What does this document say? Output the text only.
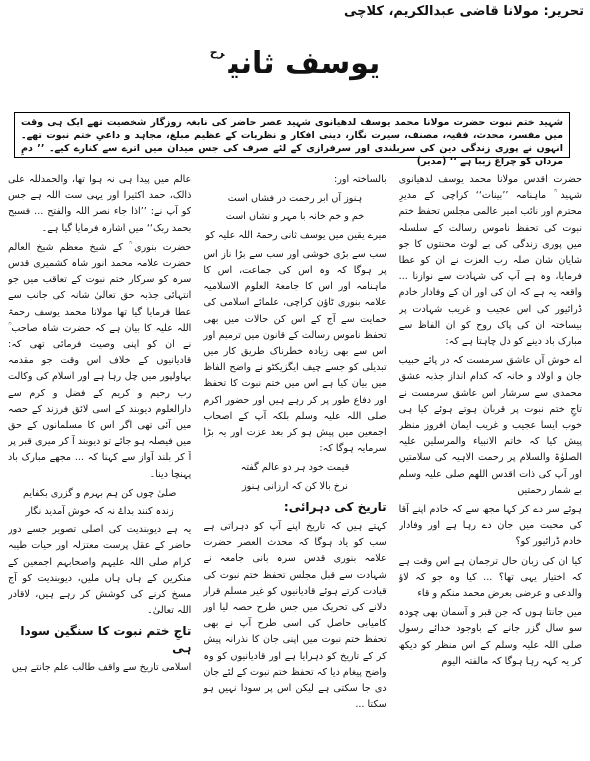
تحریر: مولانا قاضی عبدالکریم، کلاچی
یوسف ثانی$^{رح}$
شہید ختم نبوت حضرت مولانا محمد یوسف لدھیانوی شہید عصر حاضر کی نابغہ روزگار شخصیت تھے ایک ہی وقت میں مفسر، محدث، فقیہ، مصنف، سیرت نگار، دینی افکار و نظریات کے عظیم مبلغ، مجاہد و داعیِ ختم نبوت تھے۔ انہوں نے پوری زندگی دین کی سربلندی اور سرفرازی کے لئے صرف کی جس میدان میں اترے سے کنارے کیے۔ ’’ دمِ مرداں کو چراغ زیبا ہے ‘‘ (مدیر)

حضرت اقدس مولانا محمد یوسف لدھیانوی شہید ؒ ماہنامہ ’’بینات‘‘ کراچی کے مدیرِ محترم اور نائب امیر عالمی مجلس تحفظ ختم نبوت کی تحفظ ناموس رسالت کے سلسلہ میں پوری زندگی کی بے لوث محنتوں کا جو شایان شان صلہ رب العزت نے ان کو عطا فرمایا، وہ ہے آپ کی شہادت سے نوازنا ... واقعہ یہ ہے کہ ان کی اور ان کے وفادار خادم ڈرائیور کی اس عجیب و غریب شہادت پر بیساختہ ان کی پاک روح کو ان الفاظ سے مبارک باد دینے کو دل چاہتا ہے کہ:

اے خوش آں عاشق سرمست کہ در پائے حبیب جان و اولاد و خانہ کہ کدام انداز جذبہ عشق محمدی سے سرشار اس عاشق سرمست نے تاجِ ختم نبوت پر قربان ہوتے ہوئے کیا ہی خوب ایسا عجیب و غریب ایمان افروز منظر پیش کیا کہ خاتم الانبیاء والمرسلین علیہ الصلوٰۃ والسلام پر رحمت الاہیہ کی سلامتیں اور آپ کی ذات اقدس اللھم صلی علیہ وسلم بے شمار رحمتیں

ہوئے سر دے کر کہا مجھ سے کہ خادم اپنے آقا کی محبت میں جان دے رہا ہے اور وفادار خادم ڈرائیور کو؟

کیا ان کی زبان حال ترجمان ہے اس وقت ہے کہ اختیار یہی تھا؟ ... کیا وہ جو کہ لاؤ والدعی و عرضی بعرض محمد منکم و قاء

میں جانتا ہوں کہ جن قبر و آسمان بھی چودہ سو سال گزر جانے کے باوجود خدائے رسول صلی اللہ علیہ وسلم کے اس منظر کو دیکھ کر یہ کہہ رہا ہوگا کہ مالفتہ الیوم

بالساختہ اور:

ہنوز آں ابر رحمت در فشاں است
خم و خم خانہ با مہر و نشاں است

میرے یقین میں یوسف ثانی رحمۃ اللہ علیہ کو

سب سے بڑی خوشی اور سب سے بڑا ناز اس پر ہوگا کہ وہ اس کی جماعت، اس کا ماہنامہ اور اس کا جامعۃ العلوم الاسلامیہ علامہ بنوری ٹاؤن کراچی، علمائے اسلامی کی حمایت سے آج کے اس کن حالات میں بھی تحفظ ناموس رسالت کے قانون میں ترمیم اور اس سے بھی زیادہ خطرناک طریق کار میں تبدیلی کو جسے چیف ایگزیکٹو نے واضح الفاظ میں بیان کیا ہے اس میں ختم نبوت کا تحفظ اور دفاع طور پر کر رہے ہیں اور حضور اکرم صلی اللہ علیہ وسلم بلکہ آپ کے اصحاب اجمعین میں پیش ہو کر بعد عزت اور یہ بڑا سرمایہ ہوگا کہ:

قیمت خود ہر دو عالم گفتہ
نرخ بالا کن کہ ارزانی ہنوز
تاریخ کی دہرائی:

کہتے ہیں کہ تاریخ اپنے آپ کو دہراتی ہے سب کو یاد ہوگا کہ محدث العصر حضرت علامہ بنوری قدس سرہ بانی جامعہ نے شہادت سے قبل مجلس تحفظ ختم نبوت کی قیادت کرتے ہوئے قادیانیوں کو غیر مسلم قرار دلانے کی تحریک میں جس طرح حصہ لیا اور کامیابی حاصل کی اسی طرح آپ نے بھی تحفظ ختم نبوت میں اپنی جان کا نذرانہ پیش کر کے تاریخ کو دہرایا ہے اور قادیانیوں کو وہ واضح پیغام دیا کہ تحفظ ختم نبوت کے لئے جان دی جا سکتی ہے لیکن اس پر سودا نہیں ہو سکتا ...

عالم میں پیدا ہی نہ ہوا تھا، والحمدللہ علی ذالک، حمد اکثیرا اور یہی ست اللہ ہے جس کو آپ نے: ’’اذا جاء نصر اللہ والفتح ... فسبح بحمد ربک‘‘ میں اشارہ فرمایا گیا ہے۔

حضرت بنوری ؒ کے شیخ معظم شیخ العالم حضرت علامہ محمد انور شاہ کشمیری قدس سرہ کو سرکار ختم نبوت کے تعاقب میں جو انتہائی جذبہ حق تعالیٰ شانہ کی جانب سے عطا فرمایا گیا تھا مولانا محمد یوسف رحمۃ اللہ علیہ کا بیان ہے کہ حضرت شاہ صاحب ؒ نے ان کو اپنی وصیت فرمائی تھی کہ: قادیانیوں کے خلاف اس وقت جو مقدمہ بہاولپور میں چل رہا ہے اور اسلام کی وکالت رب رحیم و کریم کے فضل و کرم سے دارالعلوم دیوبند کے اسی لائق فرزند کے حصہ میں آئی تھی اگر اس کا مسلمانوں کے حق میں فیصلہ ہو جائے تو دیوبند آ کر میری قبر پر آ کر بلند آواز سے کہنا کہ ... مجھے مبارک باد پہنچا دینا۔

صلیٰ چوں کن ہم بہرم و گزری بکفایم
زندہ کنند بداۓ نہ کہ خوش آمدید نگار

یہ ہے دیوبندیت کی اصلی تصویر جسے دور حاضر کے عقل پرست معتزلہ اور حیات طیبہ کرام صلی اللہ علیہم واصحابہم اجمعین کے منکرین کے ہاں ہاں ملیں، دیوبندیت کو آج مسخ کرنے کی کوشش کر رہے ہیں، لاقادر اللہ تعالیٰ۔

تاجِ ختم نبوت کا سنگین سودا ہی

اسلامی تاریخ سے واقف طالب علم جانتے ہیں
